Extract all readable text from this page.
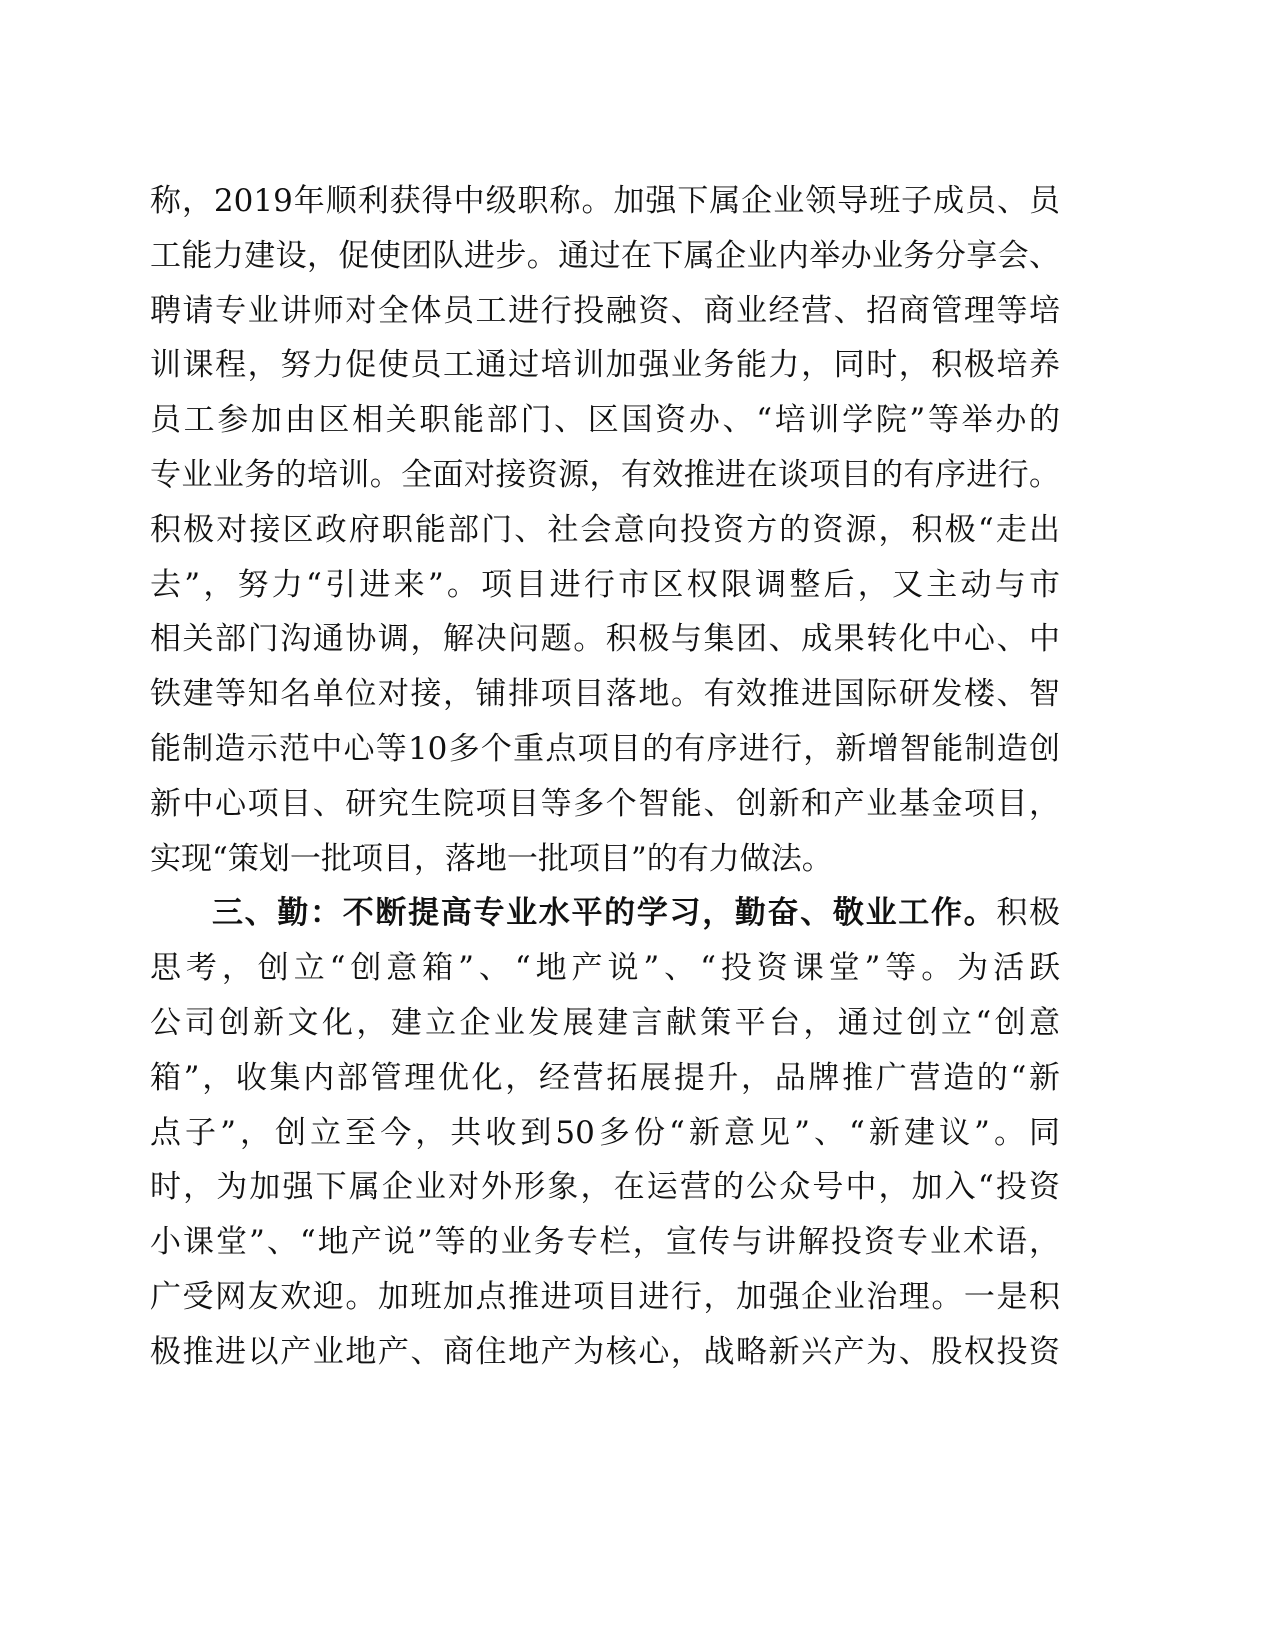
称，2019年顺利获得中级职称。加强下属企业领导班子成员、员
工能力建设，促使团队进步。通过在下属企业内举办业务分享会、
聘请专业讲师对全体员工进行投融资、商业经营、招商管理等培
训课程，努力促使员工通过培训加强业务能力，同时，积极培养
员工参加由区相关职能部门、区国资办、“培训学院”等举办的
专业业务的培训。全面对接资源，有效推进在谈项目的有序进行。
积极对接区政府职能部门、社会意向投资方的资源，积极“走出
去”，努力“引进来”。项目进行市区权限调整后，又主动与市
相关部门沟通协调，解决问题。积极与集团、成果转化中心、中
铁建等知名单位对接，铺排项目落地。有效推进国际研发楼、智
能制造示范中心等10多个重点项目的有序进行，新增智能制造创
新中心项目、研究生院项目等多个智能、创新和产业基金项目，
实现“策划一批项目，落地一批项目”的有力做法。
三、勤：不断提高专业水平的学习，勤奋、敬业工作。积极
思考，创立“创意箱”、“地产说”、“投资课堂”等。为活跃
公司创新文化，建立企业发展建言献策平台，通过创立“创意
箱”，收集内部管理优化，经营拓展提升，品牌推广营造的“新
点子”，创立至今，共收到50多份“新意见”、“新建议”。同
时，为加强下属企业对外形象，在运营的公众号中，加入“投资
小课堂”、“地产说”等的业务专栏，宣传与讲解投资专业术语，
广受网友欢迎。加班加点推进项目进行，加强企业治理。一是积
极推进以产业地产、商住地产为核心，战略新兴产为、股权投资
